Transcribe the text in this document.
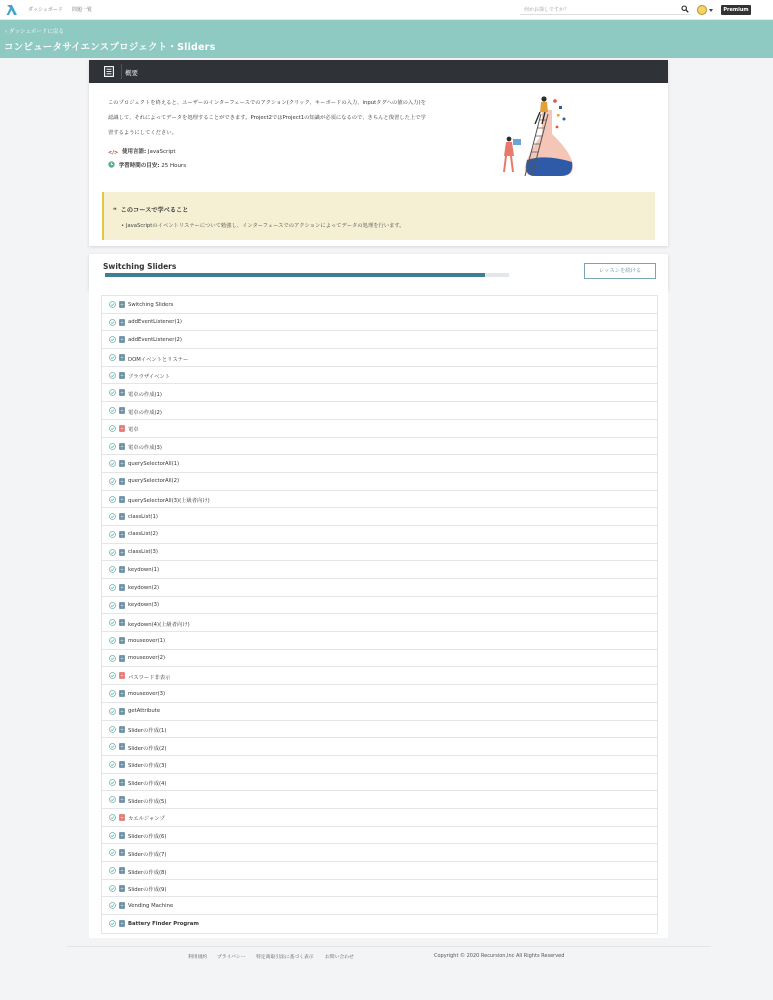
ダッシュボード 問題一覧	何かお探しですか？	Premium
‹ ダッシュボードに戻る
コンピュータサイエンスプロジェクト・Sliders
概要

このプロジェクトを終えると、ユーザーのインターフェースでのアクション(クリック、キーボードの入力、inputタグへの値の入力)を認識して、それによってデータを処理することができます。Project2ではProject1の知識が必須になるので、きちんと復習した上で学習するようにしてください。

</> 使用言語: JavaScript
学習時間の目安: 25 Hours
❝ このコースで学べること
• JavaScriptのイベントリスナーについて勉強し、インターフェースでのアクションによってデータの処理を行います。
Switching Sliders	レッスンを続ける
Switching Sliders
addEventListener(1)
addEventListener(2)
DOMイベントとリスナー
ブラウザイベント
電卓の作成(1)
電卓の作成(2)
電卓
電卓の作成(3)
querySelectorAll(1)
querySelectorAll(2)
querySelectorAll(3)(上級者向け)
classList(1)
classList(2)
classList(3)
keydown(1)
keydown(2)
keydown(3)
keydown(4)(上級者向け)
mouseover(1)
mouseover(2)
パスワード非表示
mouseover(3)
getAttribute
Sliderの作成(1)
Sliderの作成(2)
Sliderの作成(3)
Sliderの作成(4)
Sliderの作成(5)
カエルジャンプ
Sliderの作成(6)
Sliderの作成(7)
Sliderの作成(8)
Sliderの作成(9)
Vending Machine
Battery Finder Program
利用規約 プライバシー 特定商取引法に基づく表示 お問い合わせ	Copyright © 2020 Recursion,Inc All Rights Reserved
